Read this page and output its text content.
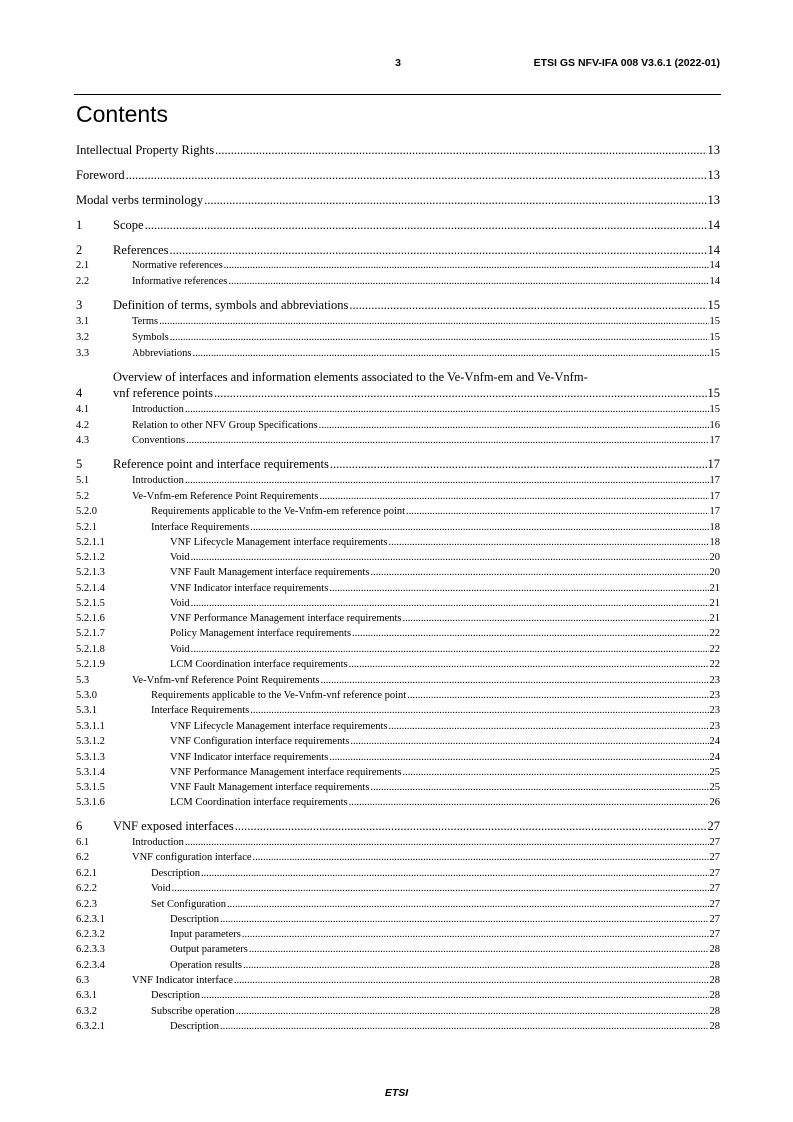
3	ETSI GS NFV-IFA 008 V3.6.1 (2022-01)
Contents
Intellectual Property Rights .....	13
Foreword .....	13
Modal verbs terminology .....	13
1 Scope .....	14
2 References .....	14
2.1	Normative references .....	14
2.2	Informative references .....	14
3 Definition of terms, symbols and abbreviations .....	15
3.1	Terms .....	15
3.2	Symbols .....	15
3.3	Abbreviations .....	15
Overview of interfaces and information elements associated to the Ve-Vnfm-em and Ve-Vnfm-
4 vnf reference points .....	15
4.1	Introduction .....	15
4.2	Relation to other NFV Group Specifications .....	16
4.3	Conventions .....	17
5 Reference point and interface requirements .....	17
5.1	Introduction .....	17
5.2	Ve-Vnfm-em Reference Point Requirements .....	17
5.2.0	Requirements applicable to the Ve-Vnfm-em reference point .....	17
5.2.1	Interface Requirements .....	18
5.2.1.1	VNF Lifecycle Management interface requirements .....	18
5.2.1.2	Void .....	20
5.2.1.3	VNF Fault Management interface requirements .....	20
5.2.1.4	VNF Indicator interface requirements .....	21
5.2.1.5	Void .....	21
5.2.1.6	VNF Performance Management interface requirements .....	21
5.2.1.7	Policy Management interface requirements .....	22
5.2.1.8	Void .....	22
5.2.1.9	LCM Coordination interface requirements .....	22
5.3	Ve-Vnfm-vnf Reference Point Requirements .....	23
5.3.0	Requirements applicable to the Ve-Vnfm-vnf reference point .....	23
5.3.1	Interface Requirements .....	23
5.3.1.1	VNF Lifecycle Management interface requirements .....	23
5.3.1.2	VNF Configuration interface requirements .....	24
5.3.1.3	VNF Indicator interface requirements .....	24
5.3.1.4	VNF Performance Management interface requirements .....	25
5.3.1.5	VNF Fault Management interface requirements .....	25
5.3.1.6	LCM Coordination interface requirements .....	26
6 VNF exposed interfaces .....	27
6.1	Introduction .....	27
6.2	VNF configuration interface .....	27
6.2.1	Description .....	27
6.2.2	Void .....	27
6.2.3	Set Configuration .....	27
6.2.3.1	Description .....	27
6.2.3.2	Input parameters .....	27
6.2.3.3	Output parameters .....	28
6.2.3.4	Operation results .....	28
6.3	VNF Indicator interface .....	28
6.3.1	Description .....	28
6.3.2	Subscribe operation .....	28
6.3.2.1	Description .....	28
ETSI
